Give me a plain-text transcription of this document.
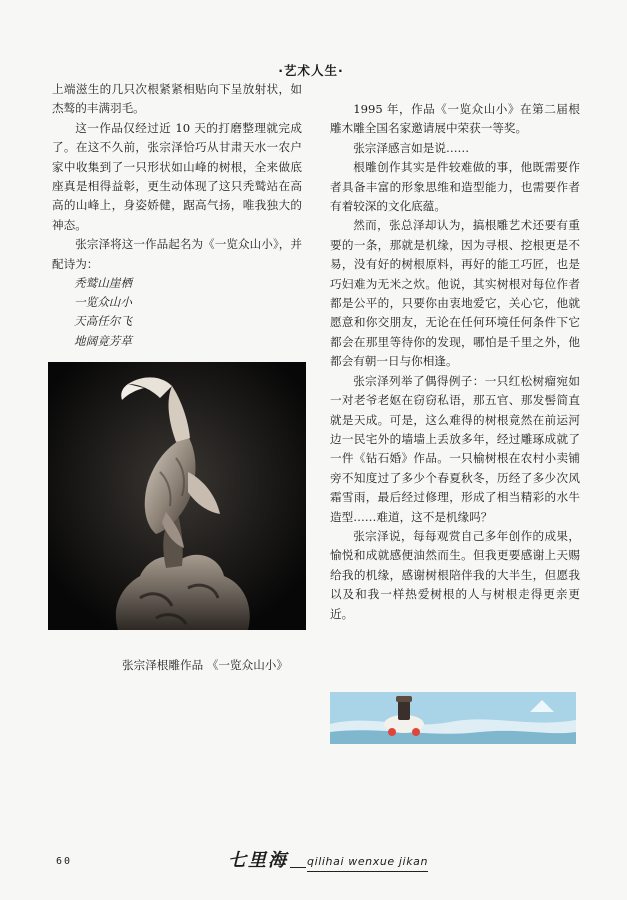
·艺术人生·

上端滋生的几只次根紧紧相贴向下呈放射状，如杰骜的丰满羽毛。

这一作品仅经过近 10 天的打磨整理就完成了。在这不久前，张宗泽恰巧从甘肃天水一农户家中收集到了一只形状如山峰的树根，全来做底座真是相得益彰，更生动体现了这只秃鹫站在高高的山峰上，身姿娇健，踞高气扬，唯我独大的神态。

张宗泽将这一作品起名为《一览众山小》，并配诗为：

秃鹫山崖栖
一览众山小
天高任尔飞
地阔竟芳草
张宗泽根雕作品 《一览众山小》

1995 年，作品《一览众山小》在第二届根雕木雕全国名家邀请展中荣获一等奖。

张宗泽感言如是说……

根雕创作其实是件较难做的事，他既需要作者具备丰富的形象思维和造型能力，也需要作者有着较深的文化底蕴。

然而，张总泽却认为，搞根雕艺术还要有重要的一条，那就是机缘，因为寻根、挖根更是不易，没有好的树根原料，再好的能工巧匠，也是巧妇难为无米之炊。他说，其实树根对每位作者都是公平的，只要你由衷地爱它，关心它，他就愿意和你交朋友，无论在任何环境任何条件下它都会在那里等待你的发现，哪怕是千里之外，他都会有朝一日与你相逢。

张宗泽列举了偶得例子：一只红松树瘤宛如一对老爷老妪在窃窃私语，那五官、那发髻简直就是天成。可是，这么难得的树根竟然在前运河边一民宅外的墙墙上丢放多年，经过雕琢成就了一件《钻石婚》作品。一只榆树根在农村小卖铺旁不知度过了多少个春夏秋冬，历经了多少次风霜雪雨，最后经过修理，形成了相当精彩的水牛造型……难道，这不是机缘吗？

张宗泽说，每每观赏自己多年创作的成果，愉悦和成就感便油然而生。但我更要感谢上天赐给我的机缘，感谢树根陪伴我的大半生，但愿我以及和我一样热爱树根的人与树根走得更亲更近。

60	七里海 qilihai wenxue jikan
